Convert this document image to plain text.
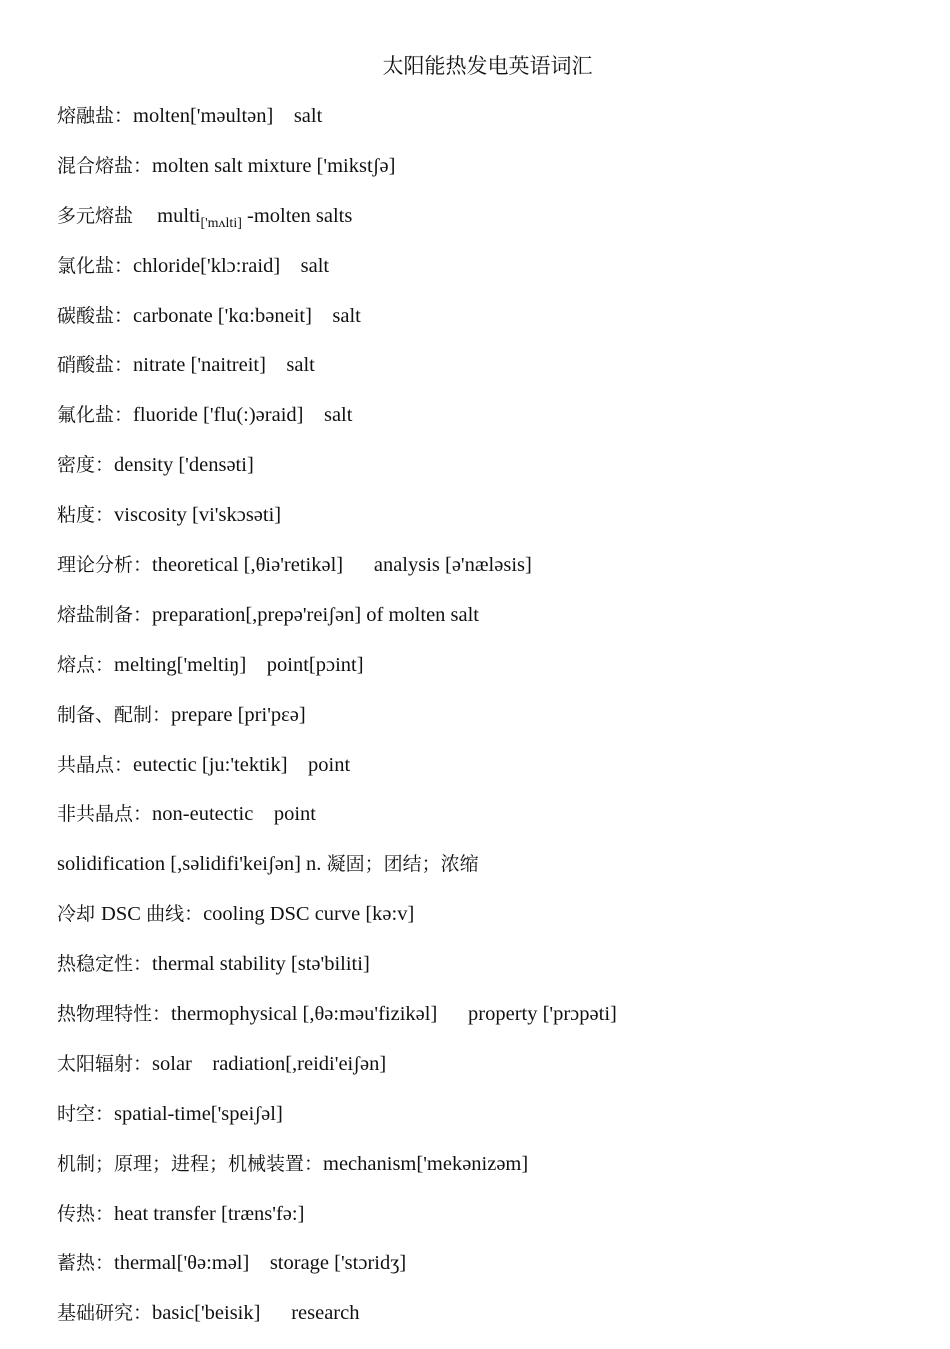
太阳能热发电英语词汇
熔融盐：molten['məultən]    salt
混合熔盐：molten salt mixture ['mikstʃə]
多元熔盐    multi$_{['mʌlti]}$ -molten salts
氯化盐：chloride['klɔ:raid]    salt
碳酸盐：carbonate ['kɑ:bəneit]    salt
硝酸盐：nitrate ['naitreit]    salt
氟化盐：fluoride ['flu(:)əraid]    salt
密度：density ['densəti]
粘度：viscosity [vi'skɔsəti]
理论分析：theoretical [,θiə'retikəl]      analysis [ə'næləsis]
熔盐制备：preparation[,prepə'reiʃən] of molten salt
熔点：melting['meltiŋ]    point[pɔint]
制备、配制：prepare [pri'pεə]
共晶点：eutectic [ju:'tektik]    point
非共晶点：non-eutectic    point
solidification [,səlidifi'keiʃən] n. 凝固；团结；浓缩
冷却 DSC 曲线：cooling DSC curve [kə:v]
热稳定性：thermal stability [stə'biliti]
热物理特性：thermophysical [,θə:məu'fizikəl]      property ['prɔpəti]
太阳辐射：solar    radiation[,reidi'eiʃən]
时空：spatial-time['speiʃəl]
机制；原理；进程；机械装置：mechanism['mekənizəm]
传热：heat transfer [træns'fə:]
蓄热：thermal['θə:məl]    storage ['stɔridʒ]
基础研究：basic['beisik]      research
